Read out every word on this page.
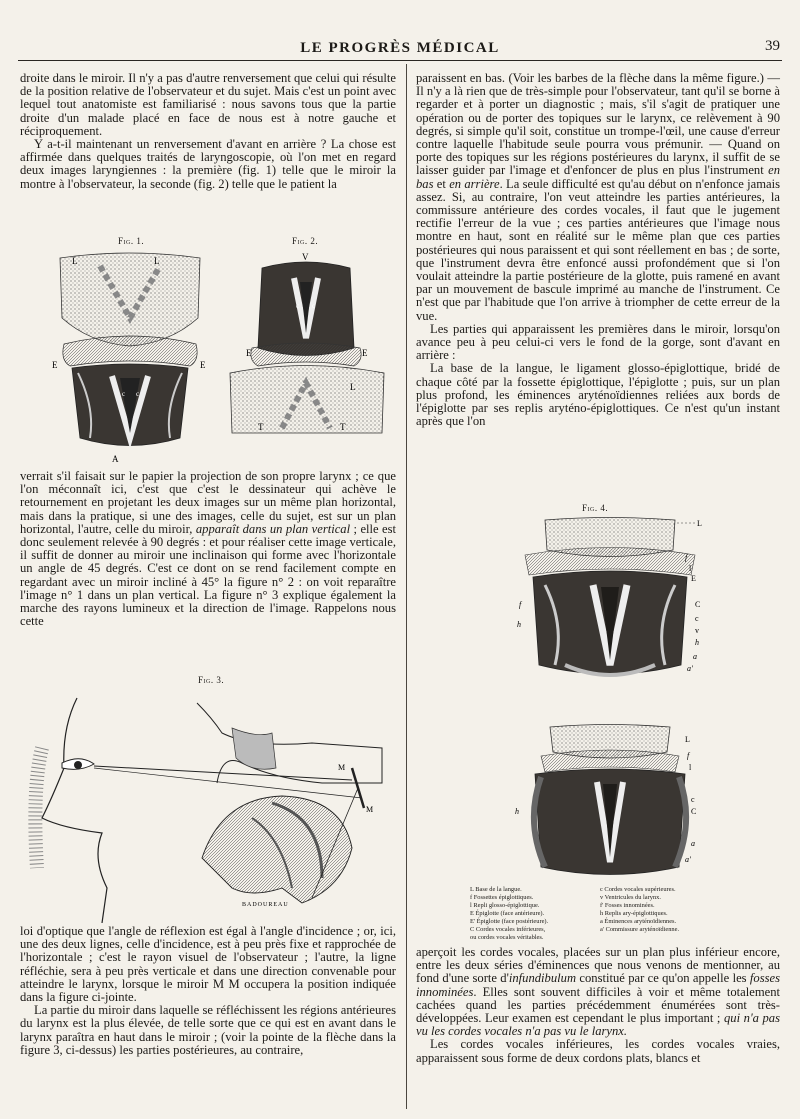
LE PROGRÈS MÉDICAL	39

droite dans le miroir. Il n'y a pas d'autre renversement que celui qui résulte de la position relative de l'observateur et du sujet. Mais c'est un point avec lequel tout anatomiste est familiarisé : nous savons tous que la partie droite d'un malade placé en face de nous est à notre gauche et réciproquement.

Y a-t-il maintenant un renversement d'avant en arrière ? La chose est affirmée dans quelques traités de laryngoscopie, où l'on met en regard deux images laryngiennes : la première (fig. 1) telle que le miroir la montre à l'observateur, la seconde (fig. 2) telle que le patient la

Fig. 1.	Fig. 2.
L	L
E	E
c c
A
V
c c
E	E
T	T
L

verrait s'il faisait sur le papier la projection de son propre larynx ; ce que l'on méconnaît ici, c'est que c'est le dessinateur qui achève le retournement en projetant les deux images sur un même plan horizontal, mais dans la pratique, si une des images, celle du sujet, est sur un plan horizontal, l'autre, celle du miroir, apparaît dans un plan vertical ; elle est donc seulement relevée à 90 degrés : et pour réaliser cette image verticale, il suffit de donner au miroir une inclinaison qui forme avec l'horizontale un angle de 45 degrés. C'est ce dont on se rend facilement compte en regardant avec un miroir incliné à 45° la figure n° 2 : on voit reparaître l'image n° 1 dans un plan vertical. La figure n° 3 explique également la marche des rayons lumineux et la direction de l'image. Rappelons nous cette

Fig. 3.
M
M
BADOUREAU

loi d'optique que l'angle de réflexion est égal à l'angle d'incidence ; or, ici, une des deux lignes, celle d'incidence, est à peu près fixe et rapprochée de l'horizontale ; c'est le rayon visuel de l'observateur ; l'autre, la ligne réfléchie, sera à peu près verticale et dans une direction convenable pour atteindre le larynx, lorsque le miroir M M occupera la position indiquée dans la figure ci-jointe.

La partie du miroir dans laquelle se réfléchissent les régions antérieures du larynx est la plus élevée, de telle sorte que ce qui est en avant dans le larynx paraîtra en haut dans le miroir ; (voir la pointe de la flèche dans la figure 3, ci-dessus) les parties postérieures, au contraire,

paraissent en bas. (Voir les barbes de la flèche dans la même figure.) — Il n'y a là rien que de très-simple pour l'observateur, tant qu'il se borne à regarder et à porter un diagnostic ; mais, s'il s'agit de pratiquer une opération ou de porter des topiques sur le larynx, ce relèvement à 90 degrés, si simple qu'il soit, constitue un trompe-l'œil, une cause d'erreur contre laquelle l'habitude seule pourra vous prémunir. — Quand on porte des topiques sur les régions postérieures du larynx, il suffit de se laisser guider par l'image et d'enfoncer de plus en plus l'instrument en bas et en arrière. La seule difficulté est qu'au début on n'enfonce jamais assez. Si, au contraire, l'on veut atteindre les parties antérieures, la commissure antérieure des cordes vocales, il faut que le jugement rectifie l'erreur de la vue ; ces parties antérieures que l'image nous montre en haut, sont en réalité sur le même plan que ces parties postérieures qui nous paraissent et qui sont réellement en bas ; de sorte, que l'instrument devra être enfoncé aussi profondément que si l'on voulait atteindre la partie postérieure de la glotte, puis ramené en avant par un mouvement de bascule imprimé au manche de l'instrument. Ce n'est que par l'habitude que l'on arrive à triompher de cette erreur de la vue.

Les parties qui apparaissent les premières dans le miroir, lorsqu'on avance peu à peu celui-ci vers le fond de la gorge, sont d'avant en arrière :

La base de la langue, le ligament glosso-épiglottique, bridé de chaque côté par la fossette épiglottique, l'épiglotte ; puis, sur un plan plus profond, les éminences aryténoïdiennes reliées aux bords de l'épiglotte par ses replis aryténo-épiglottiques. Ce n'est qu'un instant après que l'on

Fig. 4.
L
f
l
E
f	C
c
h
v
h
a
a'
L
f
l
c
C
h
a
a'
L Base de la langue.
f Fossettes épiglottiques.
l Repli glosso-épiglottique.
E Épiglotte (face antérieure).
E' Épiglotte (face postérieure).
C Cordes vocales inférieures,
ou cordes vocales véritables.
c Cordes vocales supérieures.
v Ventricules du larynx.
f' Fosses innominées.
h Replis ary-épiglottiques.
a Éminences aryténoïdiennes.
a' Commissure aryténoïdienne.

aperçoit les cordes vocales, placées sur un plan plus inférieur encore, entre les deux séries d'éminences que nous venons de mentionner, au fond d'une sorte d'infundibulum constitué par ce qu'on appelle les fosses innominées. Elles sont souvent difficiles à voir et même totalement cachées quand les parties précédemment énumérées sont très-développées. Leur examen est cependant le plus important ; qui n'a pas vu les cordes vocales n'a pas vu le larynx.

Les cordes vocales inférieures, les cordes vocales vraies, apparaissent sous forme de deux cordons plats, blancs et
